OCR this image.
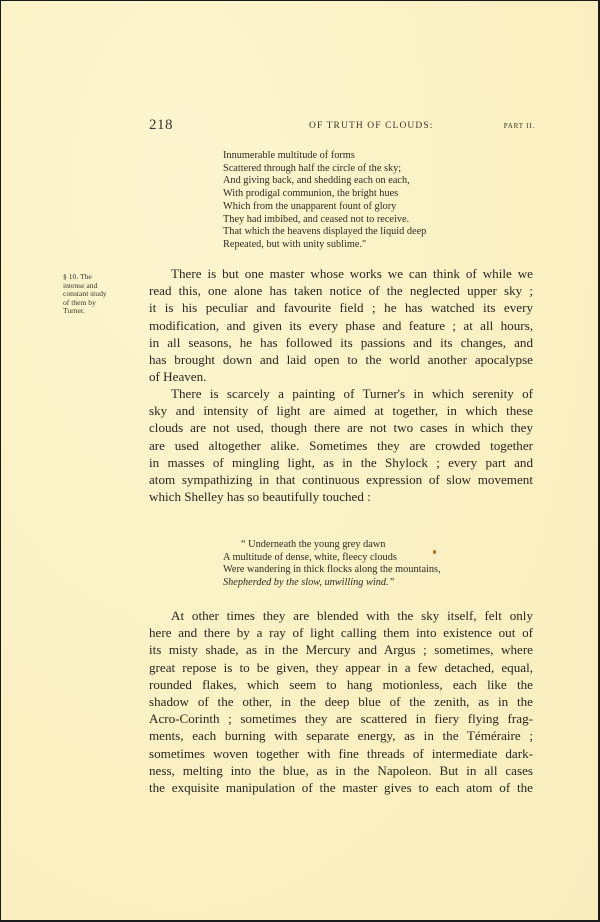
218	OF TRUTH OF CLOUDS:	PART II.
Innumerable multitude of forms
Scattered through half the circle of the sky;
And giving back, and shedding each on each,
With prodigal communion, the bright hues
Which from the unapparent fount of glory
They had imbibed, and ceased not to receive.
That which the heavens displayed the liquid deep
Repeated, but with unity sublime."
§ 10. The
intense and
constant study
of them by
Turner.
There is but one master whose works we can think of while we
read this, one alone has taken notice of the neglected upper sky ;
it is his peculiar and favourite field ; he has watched its every
modification, and given its every phase and feature ; at all hours,
in all seasons, he has followed its passions and its changes, and
has brought down and laid open to the world another apocalypse
of Heaven.
There is scarcely a painting of Turner's in which serenity of
sky and intensity of light are aimed at together, in which these
clouds are not used, though there are not two cases in which they
are used altogether alike. Sometimes they are crowded together
in masses of mingling light, as in the Shylock ; every part and
atom sympathizing in that continuous expression of slow movement
which Shelley has so beautifully touched :
“ Underneath the young grey dawn
A multitude of dense, white, fleecy clouds
Were wandering in thick flocks along the mountains,
Shepherded by the slow, unwilling wind.”
At other times they are blended with the sky itself, felt only
here and there by a ray of light calling them into existence out of
its misty shade, as in the Mercury and Argus ; sometimes, where
great repose is to be given, they appear in a few detached, equal,
rounded flakes, which seem to hang motionless, each like the
shadow of the other, in the deep blue of the zenith, as in the
Acro-Corinth ; sometimes they are scattered in fiery flying frag-
ments, each burning with separate energy, as in the Téméraire ;
sometimes woven together with fine threads of intermediate dark-
ness, melting into the blue, as in the Napoleon. But in all cases
the exquisite manipulation of the master gives to each atom of the
